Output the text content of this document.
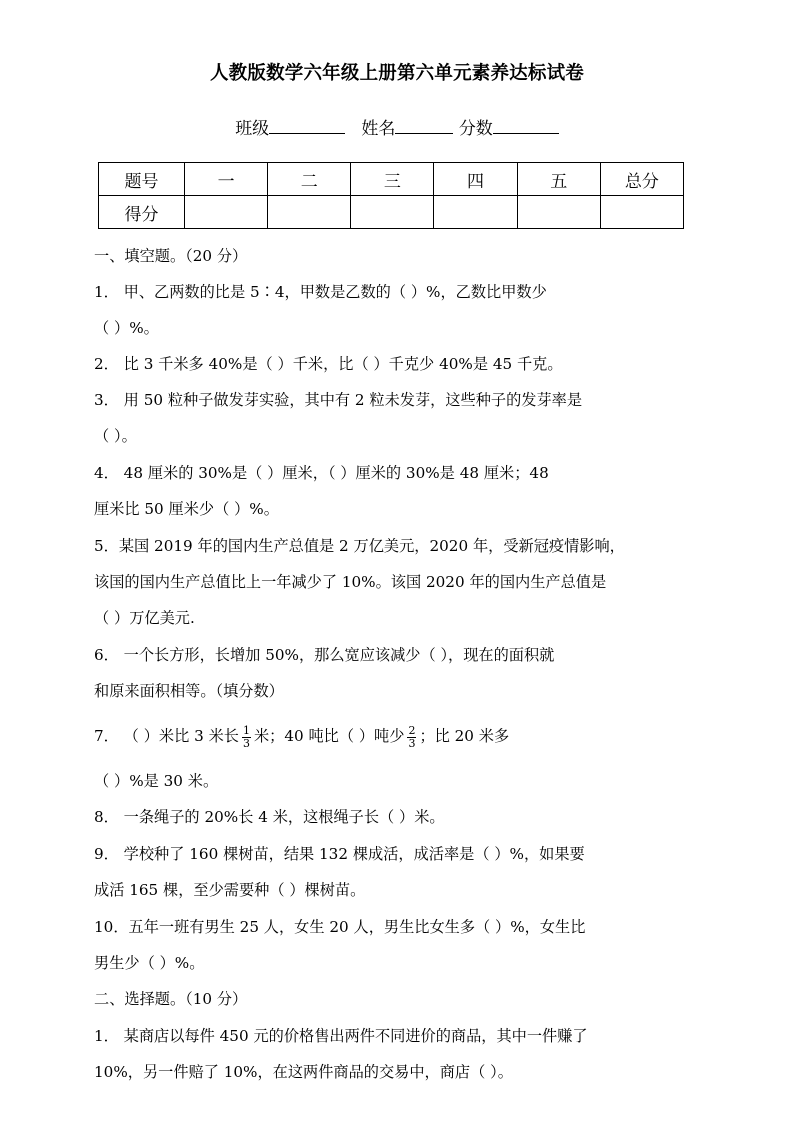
人教版数学六年级上册第六单元素养达标试卷
班级	姓名	分数
题号	一	二	三	四	五	总分
得分						
一、填空题。（20 分）
1． 甲、乙两数的比是 5∶4，甲数是乙数的（ ）%，乙数比甲数少
（ ）%。
2． 比 3 千米多 40%是（ ）千米，比（ ）千克少 40%是 45 千克。
3． 用 50 粒种子做发芽实验，其中有 2 粒未发芽，这些种子的发芽率是
（ ）。
4． 48 厘米的 30%是（ ）厘米，（ ）厘米的 30%是 48 厘米；48
厘米比 50 厘米少（ ）%。
5．某国 2019 年的国内生产总值是 2 万亿美元，2020 年，受新冠疫情影响，
该国的国内生产总值比上一年减少了 10%。该国 2020 年的国内生产总值是
（ ）万亿美元.
6． 一个长方形，长增加 50%，那么宽应该减少（ ），现在的面积就
和原来面积相等。（填分数）
7． （ ）米比 3 米长 $\frac{1}{3}$ 米；40 吨比（ ）吨少 $\frac{2}{3}$ ；比 20 米多
（ ）%是 30 米。
8． 一条绳子的 20%长 4 米，这根绳子长（ ）米。
9． 学校种了 160 棵树苗，结果 132 棵成活，成活率是（ ）%，如果要
成活 165 棵，至少需要种（ ）棵树苗。
10．五年一班有男生 25 人，女生 20 人，男生比女生多（ ）%，女生比
男生少（ ）%。
二、选择题。（10 分）
1． 某商店以每件 450 元的价格售出两件不同进价的商品，其中一件赚了
10%，另一件赔了 10%，在这两件商品的交易中，商店（ ）。
